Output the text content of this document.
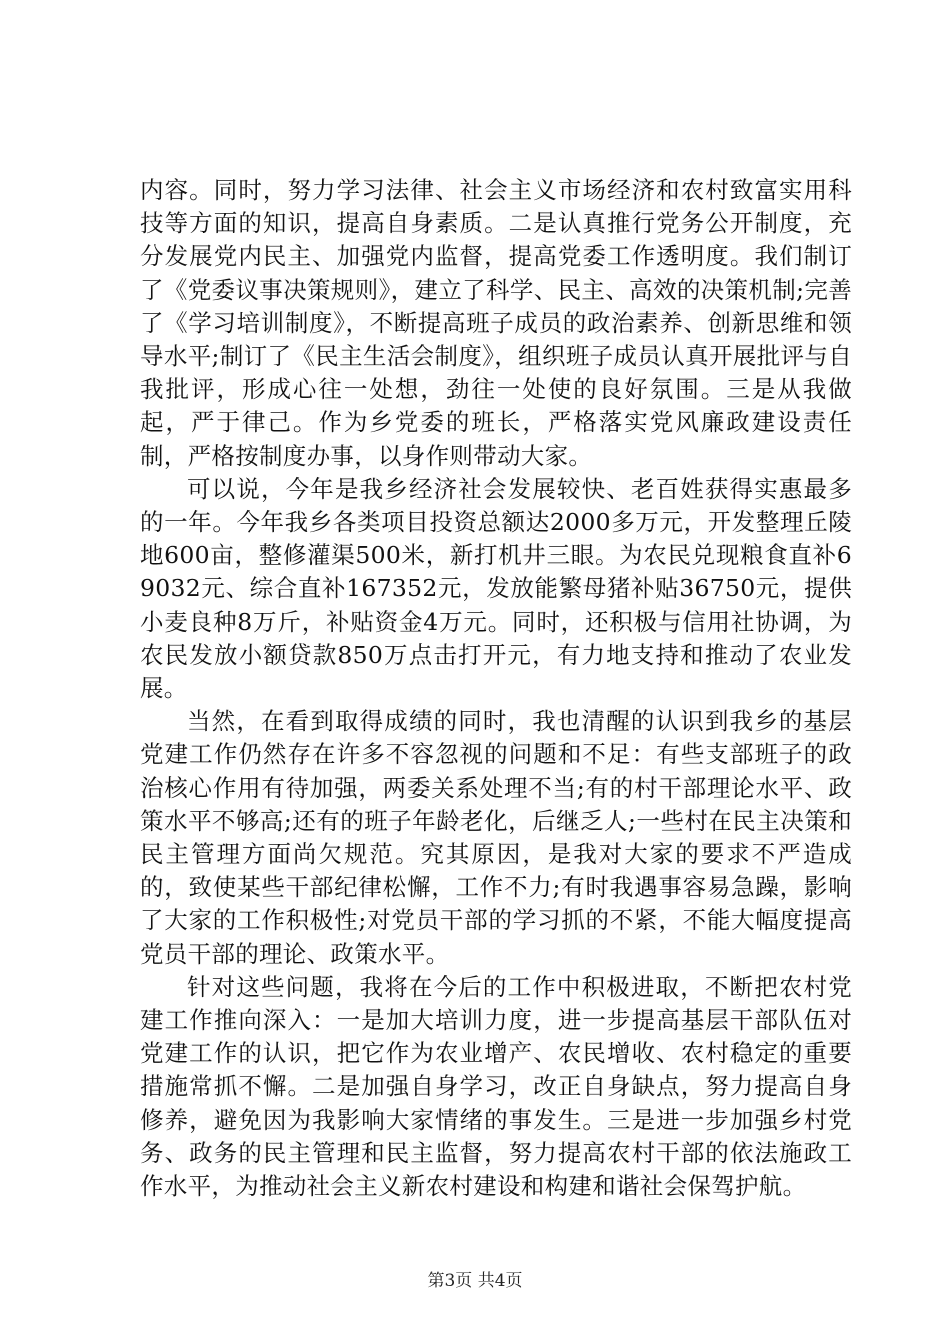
内容。同时，努力学习法律、社会主义市场经济和农村致富实用科技等方面的知识，提高自身素质。二是认真推行党务公开制度，充分发展党内民主、加强党内监督，提高党委工作透明度。我们制订了《党委议事决策规则》，建立了科学、民主、高效的决策机制;完善了《学习培训制度》，不断提高班子成员的政治素养、创新思维和领导水平;制订了《民主生活会制度》，组织班子成员认真开展批评与自我批评，形成心往一处想，劲往一处使的良好氛围。三是从我做起，严于律己。作为乡党委的班长，严格落实党风廉政建设责任制，严格按制度办事，以身作则带动大家。

可以说，今年是我乡经济社会发展较快、老百姓获得实惠最多的一年。今年我乡各类项目投资总额达2000多万元，开发整理丘陵地600亩，整修灌渠500米，新打机井三眼。为农民兑现粮食直补69032元、综合直补167352元，发放能繁母猪补贴36750元，提供小麦良种8万斤，补贴资金4万元。同时，还积极与信用社协调，为农民发放小额贷款850万点击打开元，有力地支持和推动了农业发展。

当然，在看到取得成绩的同时，我也清醒的认识到我乡的基层党建工作仍然存在许多不容忽视的问题和不足：有些支部班子的政治核心作用有待加强，两委关系处理不当;有的村干部理论水平、政策水平不够高;还有的班子年龄老化，后继乏人;一些村在民主决策和民主管理方面尚欠规范。究其原因，是我对大家的要求不严造成的，致使某些干部纪律松懈，工作不力;有时我遇事容易急躁，影响了大家的工作积极性;对党员干部的学习抓的不紧，不能大幅度提高党员干部的理论、政策水平。

针对这些问题，我将在今后的工作中积极进取，不断把农村党建工作推向深入：一是加大培训力度，进一步提高基层干部队伍对党建工作的认识，把它作为农业增产、农民增收、农村稳定的重要措施常抓不懈。二是加强自身学习，改正自身缺点，努力提高自身修养，避免因为我影响大家情绪的事发生。三是进一步加强乡村党务、政务的民主管理和民主监督，努力提高农村干部的依法施政工作水平，为推动社会主义新农村建设和构建和谐社会保驾护航。

第3页 共4页
